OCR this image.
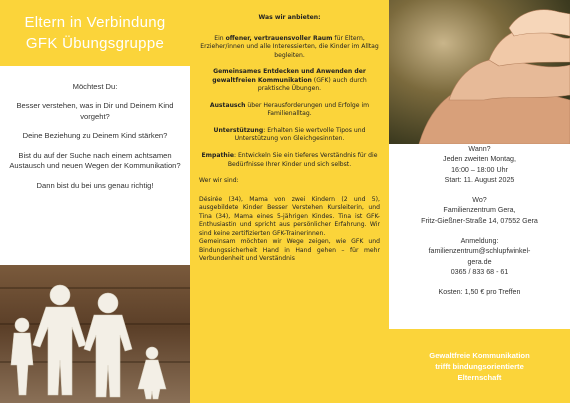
Eltern in Verbindung
GFK Übungsgruppe

Möchtest Du:

Besser verstehen, was in Dir und Deinem Kind vorgeht?

Deine Beziehung zu Deinem Kind stärken?

Bist du auf der Suche nach einem achtsamen Austausch und neuen Wegen der Kommunikation?

Dann bist du bei uns genau richtig!

Was wir anbieten:

Ein offener, vertrauensvoller Raum für Eltern, Erzieher/innen und alle Interessierten, die Kinder im Alltag begleiten.

Gemeinsames Entdecken und Anwenden der gewaltfreien Kommunikation (GFK) auch durch praktische Übungen.

Austausch über Herausforderungen und Erfolge im Familienalltag.

Unterstützung: Erhalten Sie wertvolle Tipos und Unterstützung von Gleichgesinnten.

Empathie: Entwickeln Sie ein tieferes Verständnis für die Bedürfnisse Ihrer Kinder und sich selbst.

Wer wir sind:

Désirée (34), Mama von zwei Kindern (2 und 5), ausgebildete Kinder Besser Verstehen Kursleiterin, und Tina (34), Mama eines 5-jährigen Kindes. Tina ist GFK-Enthusiastin und spricht aus persönlicher Erfahrung. Wir sind keine zertifizierten GFK-Trainerinnen.

Gemeinsam möchten wir Wege zeigen, wie GFK und Bindungssicherheit Hand in Hand gehen – für mehr Verbundenheit und Verständnis

Wann?

Jeden zweiten Montag,

16:00 – 18:00 Uhr

Start: 11. August 2025

Wo?

Familienzentrum Gera,

Fritz-Gießner-Straße 14, 07552 Gera

Anmeldung:

familienzentrum@schlupfwinkel-

gera.de

0365 / 833 68 - 61

Kosten: 1,50 € pro Treffen

Gewaltfreie Kommunikation
trifft bindungsorientierte
Elternschaft
